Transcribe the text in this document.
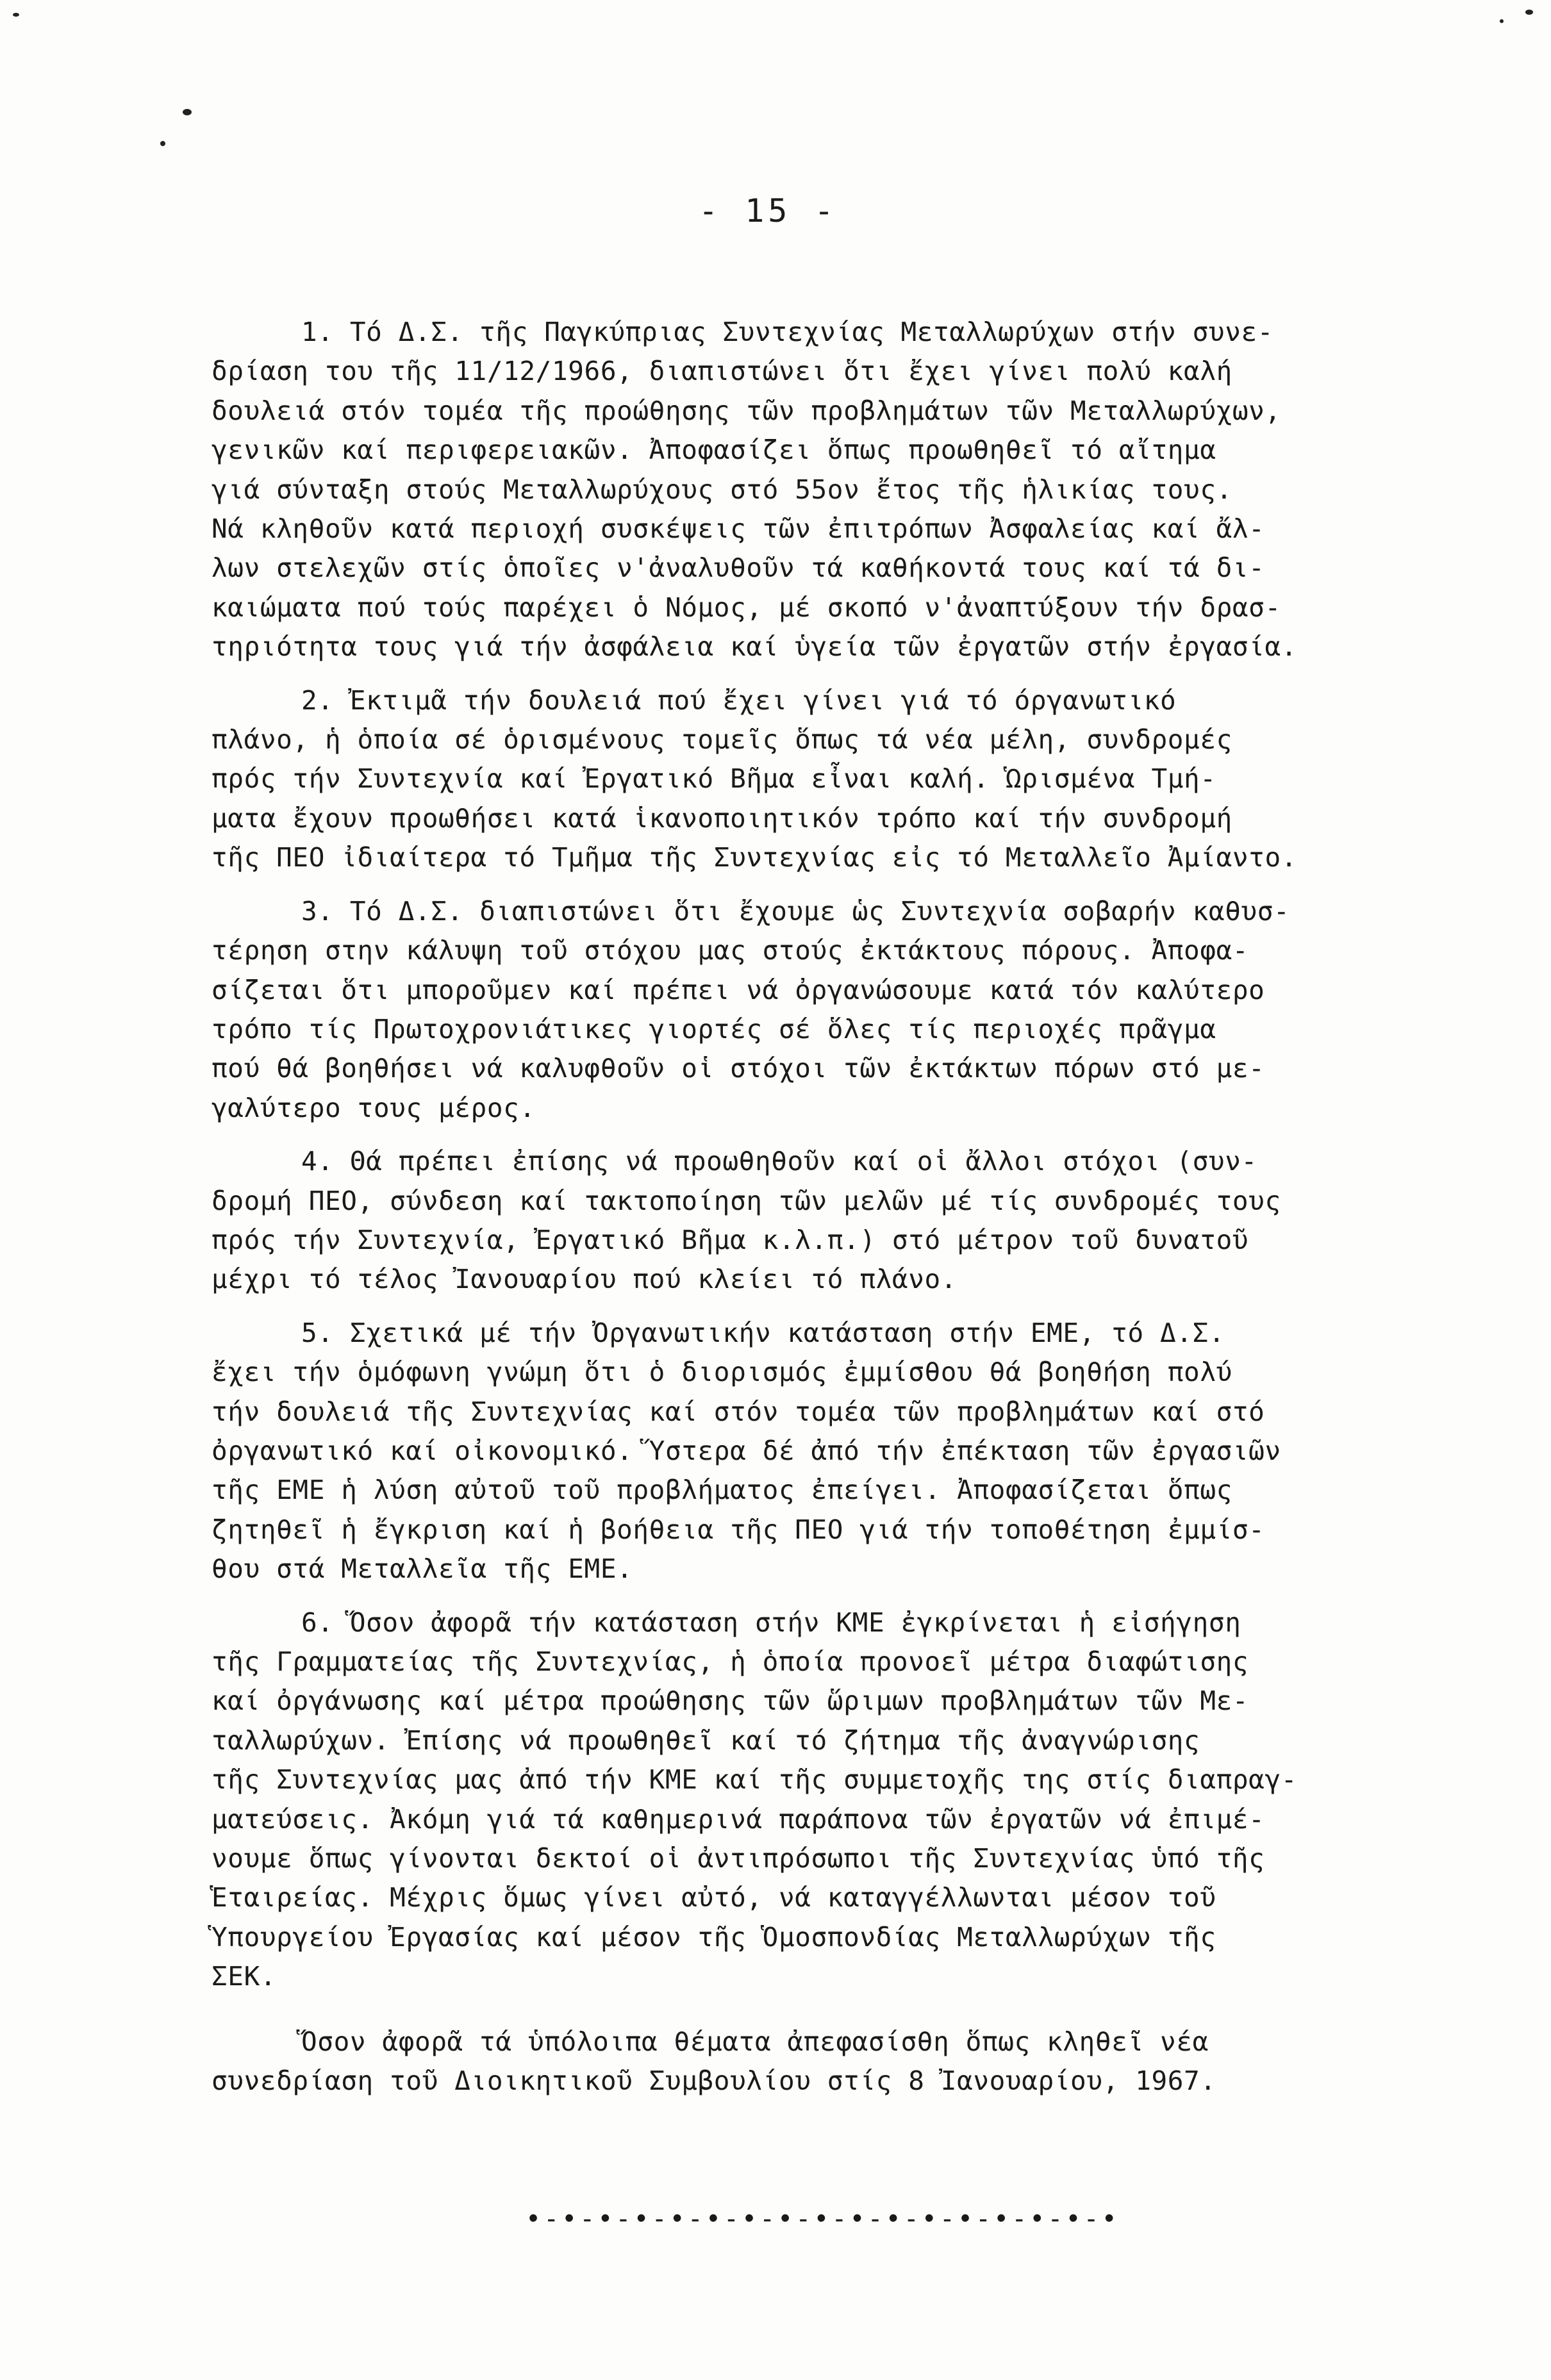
- 15 -
1. Τό Δ.Σ. τῆς Παγκύπριας Συντεχνίας Μεταλλωρύχων στήν συνε-
δρίαση του τῆς 11/12/1966, διαπιστώνει ὅτι ἔχει γίνει πολύ καλή
δουλειά στόν τομέα τῆς προώθησης τῶν προβλημάτων τῶν Μεταλλωρύχων,
γενικῶν καί περιφερειακῶν. Ἀποφασίζει ὅπως προωθηθεῖ τό αἴτημα
γιά σύνταξη στούς Μεταλλωρύχους στό 55ον ἔτος τῆς ἡλικίας τους.
Νά κληθοῦν κατά περιοχή συσκέψεις τῶν ἐπιτρόπων Ἀσφαλείας καί ἄλ-
λων στελεχῶν στίς ὁποῖες ν'ἀναλυθοῦν τά καθήκοντά τους καί τά δι-
καιώματα πού τούς παρέχει ὁ Νόμος, μέ σκοπό ν'ἀναπτύξουν τήν δρασ-
τηριότητα τους γιά τήν ἀσφάλεια καί ὑγεία τῶν ἐργατῶν στήν ἐργασία.
2. Ἐκτιμᾶ τήν δουλειά πού ἔχει γίνει γιά τό όργανωτικό
πλάνο, ἡ ὁποία σέ ὁρισμένους τομεῖς ὅπως τά νέα μέλη, συνδρομές
πρός τήν Συντεχνία καί Ἐργατικό Βῆμα εἶναι καλή. Ὡρισμένα Τμή-
ματα ἔχουν προωθήσει κατά ἱκανοποιητικόν τρόπο καί τήν συνδρομή
τῆς ΠΕΟ ἰδιαίτερα τό Τμῆμα τῆς Συντεχνίας εἰς τό Μεταλλεῖο Ἀμίαντο.
3. Τό Δ.Σ. διαπιστώνει ὅτι ἔχουμε ὡς Συντεχνία σοβαρήν καθυσ-
τέρηση στην κάλυψη τοῦ στόχου μας στούς ἐκτάκτους πόρους. Ἀποφα-
σίζεται ὅτι μποροῦμεν καί πρέπει νά ὀργανώσουμε κατά τόν καλύτερο
τρόπο τίς Πρωτοχρονιάτικες γιορτές σέ ὅλες τίς περιοχές πρᾶγμα
πού θά βοηθήσει νά καλυφθοῦν οἱ στόχοι τῶν ἐκτάκτων πόρων στό με-
γαλύτερο τους μέρος.
4. Θά πρέπει ἐπίσης νά προωθηθοῦν καί οἱ ἄλλοι στόχοι (συν-
δρομή ΠΕΟ, σύνδεση καί τακτοποίηση τῶν μελῶν μέ τίς συνδρομές τους
πρός τήν Συντεχνία, Ἐργατικό Βῆμα κ.λ.π.) στό μέτρον τοῦ δυνατοῦ
μέχρι τό τέλος Ἰανουαρίου πού κλείει τό πλάνο.
5. Σχετικά μέ τήν Ὀργανωτικήν κατάσταση στήν ΕΜΕ, τό Δ.Σ.
ἔχει τήν ὁμόφωνη γνώμη ὅτι ὁ διορισμός ἐμμίσθου θά βοηθήση πολύ
τήν δουλειά τῆς Συντεχνίας καί στόν τομέα τῶν προβλημάτων καί στό
ὀργανωτικό καί οἰκονομικό. Ὕστερα δέ ἀπό τήν ἐπέκταση τῶν ἐργασιῶν
τῆς ΕΜΕ ἡ λύση αὐτοῦ τοῦ προβλήματος ἐπείγει. Ἀποφασίζεται ὅπως
ζητηθεῖ ἡ ἔγκριση καί ἡ βοήθεια τῆς ΠΕΟ γιά τήν τοποθέτηση ἐμμίσ-
θου στά Μεταλλεῖα τῆς ΕΜΕ.
6. Ὅσον ἀφορᾶ τήν κατάσταση στήν ΚΜΕ ἐγκρίνεται ἡ εἰσήγηση
τῆς Γραμματείας τῆς Συντεχνίας, ἡ ὁποία προνοεῖ μέτρα διαφώτισης
καί ὀργάνωσης καί μέτρα προώθησης τῶν ὥριμων προβλημάτων τῶν Με-
ταλλωρύχων. Ἐπίσης νά προωθηθεῖ καί τό ζήτημα τῆς ἀναγνώρισης
τῆς Συντεχνίας μας ἀπό τήν ΚΜΕ καί τῆς συμμετοχῆς της στίς διαπραγ-
ματεύσεις. Ἀκόμη γιά τά καθημερινά παράπονα τῶν ἐργατῶν νά ἐπιμέ-
νουμε ὅπως γίνονται δεκτοί οἱ ἀντιπρόσωποι τῆς Συντεχνίας ὑπό τῆς
Ἑταιρείας. Μέχρις ὅμως γίνει αὐτό, νά καταγγέλλωνται μέσον τοῦ
Ὑπουργείου Ἐργασίας καί μέσον τῆς Ὁμοσπονδίας Μεταλλωρύχων τῆς
ΣΕΚ.
Ὅσον ἀφορᾶ τά ὑπόλοιπα θέματα ἀπεφασίσθη ὅπως κληθεῖ νέα
συνεδρίαση τοῦ Διοικητικοῦ Συμβουλίου στίς 8 Ἰανουαρίου, 1967.
•-•-•-•-•-•-•-•-•-•-•-•-•-•-•-•-•
